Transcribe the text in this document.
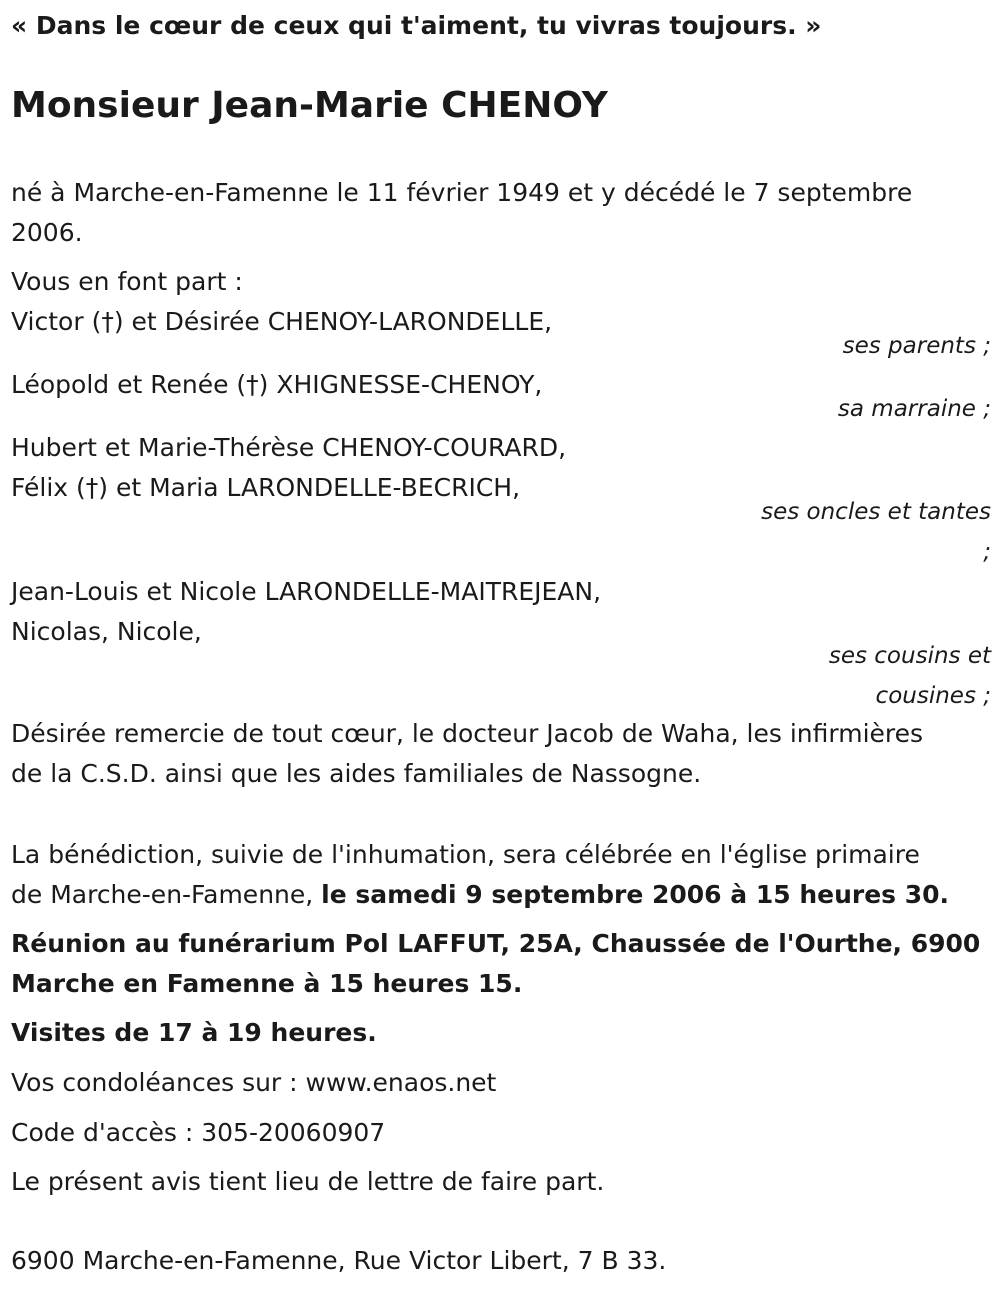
« Dans le cœur de ceux qui t'aiment, tu vivras toujours. »
Monsieur Jean-Marie CHENOY
né à Marche-en-Famenne le 11 février 1949 et y décédé le 7 septembre
2006.
Vous en font part :
Victor (†) et Désirée CHENOY-LARONDELLE,
ses parents ;
Léopold et Renée (†) XHIGNESSE-CHENOY,
sa marraine ;
Hubert et Marie-Thérèse CHENOY-COURARD,
Félix (†) et Maria LARONDELLE-BECRICH,
ses oncles et tantes
;
Jean-Louis et Nicole LARONDELLE-MAITREJEAN,
Nicolas, Nicole,
ses cousins et
cousines ;
Désirée remercie de tout cœur, le docteur Jacob de Waha, les infirmières
de la C.S.D. ainsi que les aides familiales de Nassogne.
La bénédiction, suivie de l'inhumation, sera célébrée en l'église primaire
de Marche-en-Famenne, le samedi 9 septembre 2006 à 15 heures 30.
Réunion au funérarium Pol LAFFUT, 25A, Chaussée de l'Ourthe, 6900
Marche en Famenne à 15 heures 15.
Visites de 17 à 19 heures.
Vos condoléances sur : www.enaos.net
Code d'accès : 305-20060907
Le présent avis tient lieu de lettre de faire part.
6900 Marche-en-Famenne, Rue Victor Libert, 7 B 33.
